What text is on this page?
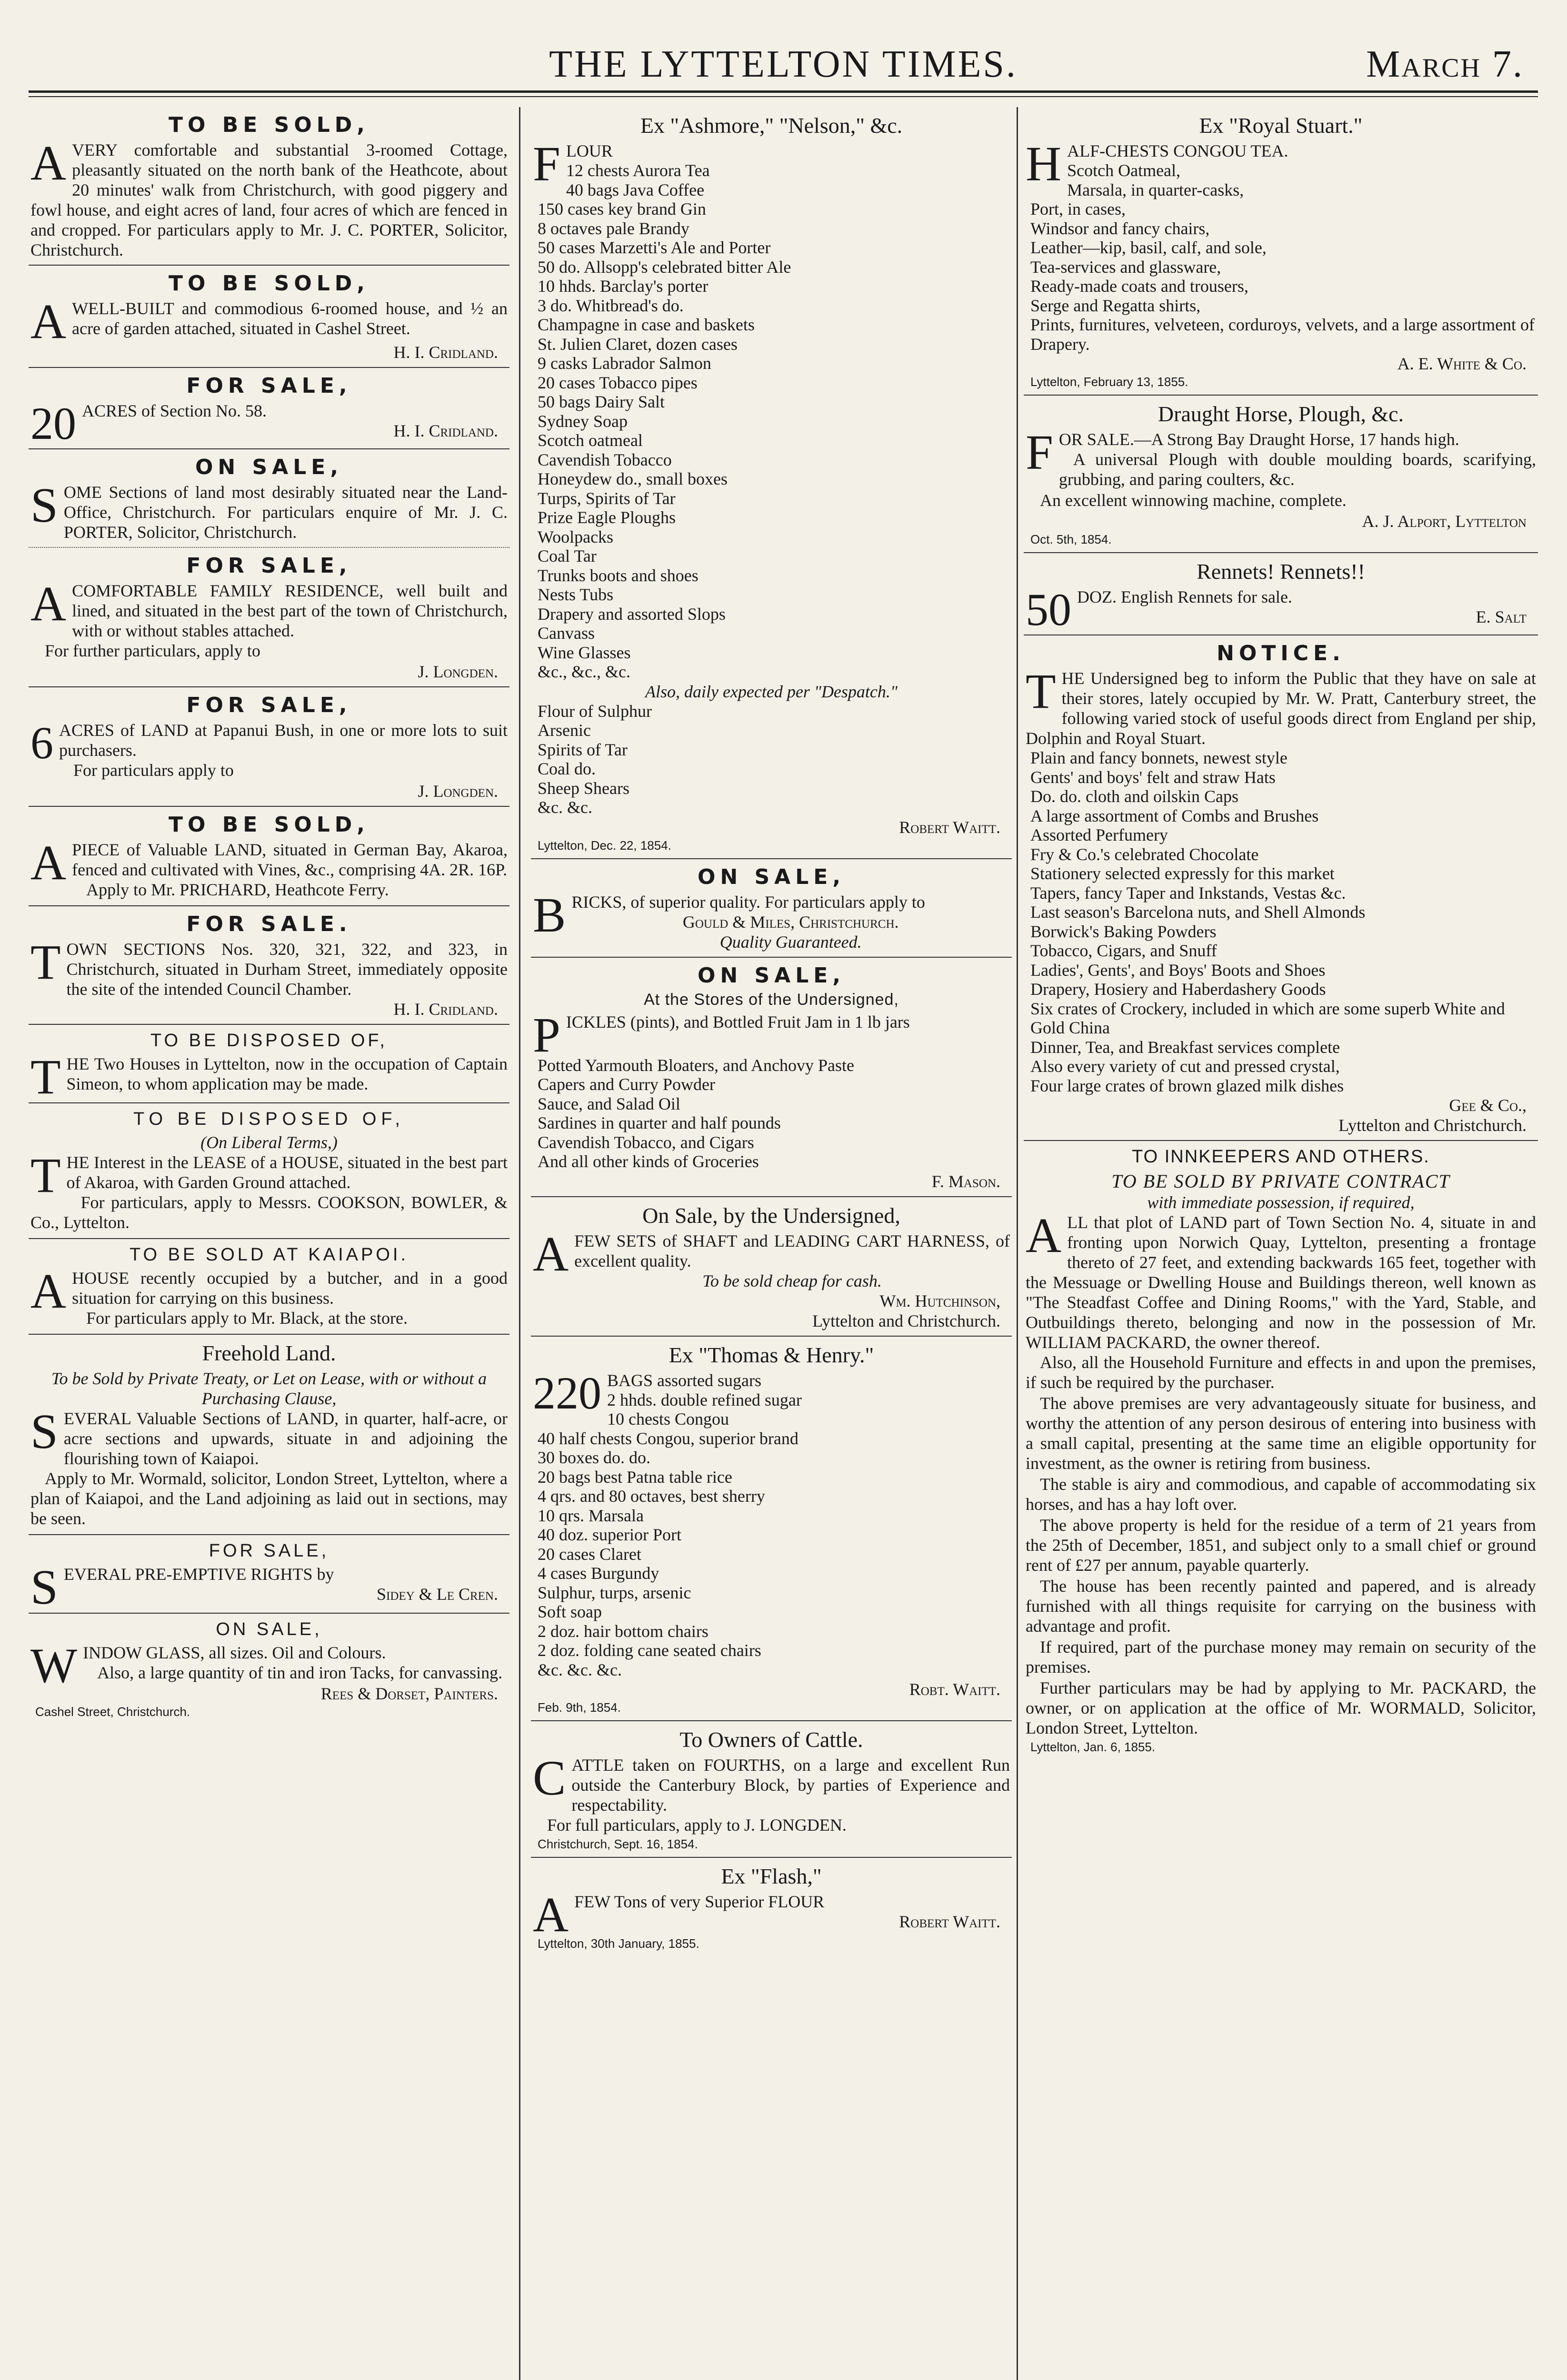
THE LYTTELTON TIMES.	March 7.
TO BE SOLD,
A VERY comfortable and substantial 3-roomed Cottage, pleasantly situated on the north bank of the Heathcote, about 20 minutes' walk from Christchurch, with good piggery and fowl house, and eight acres of land, four acres of which are fenced in and cropped. For particulars apply to Mr. J. C. PORTER, Solicitor, Christchurch.
TO BE SOLD,
A WELL-BUILT and commodious 6-roomed house, and ½ an acre of garden attached, situated in Cashel Street.
H. I. Cridland.
FOR SALE,
20 ACRES of Section No. 58.
H. I. Cridland.
ON SALE,
S OME Sections of land most desirably situated near the Land-Office, Christchurch. For particulars enquire of Mr. J. C. PORTER, Solicitor, Christchurch.
FOR SALE,
A COMFORTABLE FAMILY RESIDENCE, well built and lined, and situated in the best part of the town of Christchurch, with or without stables attached.

For further particulars, apply to

J. Longden.
FOR SALE,
6 ACRES of LAND at Papanui Bush, in one or more lots to suit purchasers.

For particulars apply to

J. Longden.
TO BE SOLD,
A PIECE of Valuable LAND, situated in German Bay, Akaroa, fenced and cultivated with Vines, &c., comprising 4A. 2R. 16P.

Apply to Mr. PRICHARD, Heathcote Ferry.

FOR SALE.
T OWN SECTIONS Nos. 320, 321, 322, and 323, in Christchurch, situated in Durham Street, immediately opposite the site of the intended Council Chamber.
H. I. Cridland.
TO BE DISPOSED OF,
T HE Two Houses in Lyttelton, now in the occupation of Captain Simeon, to whom application may be made.
TO BE DISPOSED OF,
(On Liberal Terms,)
T HE Interest in the LEASE of a HOUSE, situated in the best part of Akaroa, with Garden Ground attached.

For particulars, apply to Messrs. COOKSON, BOWLER, & Co., Lyttelton.

TO BE SOLD AT KAIAPOI.
A HOUSE recently occupied by a butcher, and in a good situation for carrying on this business.

For particulars apply to Mr. Black, at the store.

Freehold Land.
To be Sold by Private Treaty, or Let on Lease, with or without a Purchasing Clause,
S EVERAL Valuable Sections of LAND, in quarter, half-acre, or acre sections and upwards, situate in and adjoining the flourishing town of Kaiapoi.

Apply to Mr. Wormald, solicitor, London Street, Lyttelton, where a plan of Kaiapoi, and the Land adjoining as laid out in sections, may be seen.

FOR SALE,
S EVERAL PRE-EMPTIVE RIGHTS by
Sidey & Le Cren.
ON SALE,
W INDOW GLASS, all sizes. Oil and Colours.

Also, a large quantity of tin and iron Tacks, for canvassing.

Rees & Dorset, Painters.
Cashel Street, Christchurch.
Ex "Ashmore," "Nelson," &c.
F LOUR
12 chests Aurora Tea
40 bags Java Coffee
150 cases key brand Gin
8 octaves pale Brandy
50 cases Marzetti's Ale and Porter
50 do. Allsopp's celebrated bitter Ale
10 hhds. Barclay's porter
3 do. Whitbread's do.
Champagne in case and baskets
St. Julien Claret, dozen cases
9 casks Labrador Salmon
20 cases Tobacco pipes
50 bags Dairy Salt
Sydney Soap
Scotch oatmeal
Cavendish Tobacco
Honeydew do., small boxes
Turps, Spirits of Tar
Prize Eagle Ploughs
Woolpacks
Coal Tar
Trunks boots and shoes
Nests Tubs
Drapery and assorted Slops
Canvass
Wine Glasses
&c., &c., &c.
Also, daily expected per "Despatch."
Flour of Sulphur
Arsenic
Spirits of Tar
Coal do.
Sheep Shears
&c. &c.
Robert Waitt.
Lyttelton, Dec. 22, 1854.
ON SALE,
B RICKS, of superior quality. For particulars apply to
Gould & Miles, Christchurch.
Quality Guaranteed.
ON SALE,
At the Stores of the Undersigned,
P ICKLES (pints), and Bottled Fruit Jam in 1 lb jars
Potted Yarmouth Bloaters, and Anchovy Paste
Capers and Curry Powder
Sauce, and Salad Oil
Sardines in quarter and half pounds
Cavendish Tobacco, and Cigars
And all other kinds of Groceries
F. Mason.
On Sale, by the Undersigned,
A FEW SETS of SHAFT and LEADING CART HARNESS, of excellent quality.
To be sold cheap for cash.
Wm. Hutchinson,
Lyttelton and Christchurch.
Ex "Thomas & Henry."
220 BAGS assorted sugars
2 hhds. double refined sugar
10 chests Congou
40 half chests Congou, superior brand
30 boxes do. do.
20 bags best Patna table rice
4 qrs. and 80 octaves, best sherry
10 qrs. Marsala
40 doz. superior Port
20 cases Claret
4 cases Burgundy
Sulphur, turps, arsenic
Soft soap
2 doz. hair bottom chairs
2 doz. folding cane seated chairs
&c. &c. &c.
Robt. Waitt.
Feb. 9th, 1854.
To Owners of Cattle.
C ATTLE taken on FOURTHS, on a large and excellent Run outside the Canterbury Block, by parties of Experience and respectability.

For full particulars, apply to J. LONGDEN.

Christchurch, Sept. 16, 1854.
Ex "Flash,"
A FEW Tons of very Superior FLOUR
Robert Waitt.
Lyttelton, 30th January, 1855.
Ex "Royal Stuart."
H ALF-CHESTS CONGOU TEA.
Scotch Oatmeal,
Marsala, in quarter-casks,
Port, in cases,
Windsor and fancy chairs,
Leather—kip, basil, calf, and sole,
Tea-services and glassware,
Ready-made coats and trousers,
Serge and Regatta shirts,
Prints, furnitures, velveteen, corduroys, velvets, and a large assortment of Drapery.
A. E. White & Co.
Lyttelton, February 13, 1855.
Draught Horse, Plough, &c.
F OR SALE.—A Strong Bay Draught Horse, 17 hands high.

A universal Plough with double moulding boards, scarifying, grubbing, and paring coulters, &c.

An excellent winnowing machine, complete.

A. J. Alport, Lyttelton
Oct. 5th, 1854.
Rennets! Rennets!!
50 DOZ. English Rennets for sale.
E. Salt
NOTICE.
T HE Undersigned beg to inform the Public that they have on sale at their stores, lately occupied by Mr. W. Pratt, Canterbury street, the following varied stock of useful goods direct from England per ship, Dolphin and Royal Stuart.
Plain and fancy bonnets, newest style
Gents' and boys' felt and straw Hats
Do. do. cloth and oilskin Caps
A large assortment of Combs and Brushes
Assorted Perfumery
Fry & Co.'s celebrated Chocolate
Stationery selected expressly for this market
Tapers, fancy Taper and Inkstands, Vestas &c.
Last season's Barcelona nuts, and Shell Almonds
Borwick's Baking Powders
Tobacco, Cigars, and Snuff
Ladies', Gents', and Boys' Boots and Shoes
Drapery, Hosiery and Haberdashery Goods
Six crates of Crockery, included in which are some superb White and Gold China
Dinner, Tea, and Breakfast services complete
Also every variety of cut and pressed crystal,
Four large crates of brown glazed milk dishes
Gee & Co.,
Lyttelton and Christchurch.
TO INNKEEPERS AND OTHERS.
TO BE SOLD BY PRIVATE CONTRACT
with immediate possession, if required,
A LL that plot of LAND part of Town Section No. 4, situate in and fronting upon Norwich Quay, Lyttelton, presenting a frontage thereto of 27 feet, and extending backwards 165 feet, together with the Messuage or Dwelling House and Buildings thereon, well known as "The Steadfast Coffee and Dining Rooms," with the Yard, Stable, and Outbuildings thereto, belonging and now in the possession of Mr. WILLIAM PACKARD, the owner thereof.

Also, all the Household Furniture and effects in and upon the premises, if such be required by the purchaser.

The above premises are very advantageously situate for business, and worthy the attention of any person desirous of entering into business with a small capital, presenting at the same time an eligible opportunity for investment, as the owner is retiring from business.

The stable is airy and commodious, and capable of accommodating six horses, and has a hay loft over.

The above property is held for the residue of a term of 21 years from the 25th of December, 1851, and subject only to a small chief or ground rent of £27 per annum, payable quarterly.

The house has been recently painted and papered, and is already furnished with all things requisite for carrying on the business with advantage and profit.

If required, part of the purchase money may remain on security of the premises.

Further particulars may be had by applying to Mr. PACKARD, the owner, or on application at the office of Mr. WORMALD, Solicitor, London Street, Lyttelton.

Lyttelton, Jan. 6, 1855.
